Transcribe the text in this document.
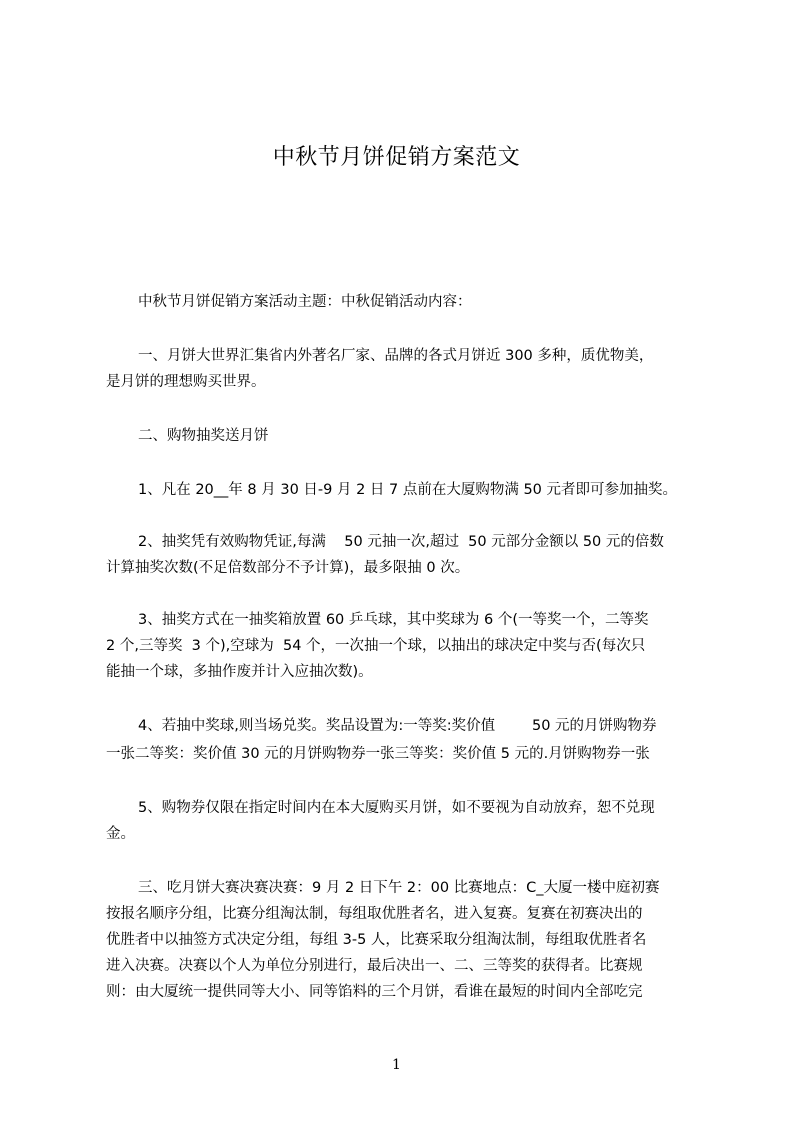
中秋节月饼促销方案范文
中秋节月饼促销方案活动主题：中秋促销活动内容：
一、月饼大世界汇集省内外著名厂家、品牌的各式月饼近 300 多种，质优物美，
是月饼的理想购买世界。
二、购物抽奖送月饼
1、凡在 20__年 8 月 30 日-9 月 2 日 7 点前在大厦购物满 50 元者即可参加抽奖。
2、抽奖凭有效购物凭证,每满    50 元抽一次,超过  50 元部分金额以 50 元的倍数
计算抽奖次数(不足倍数部分不予计算)，最多限抽 0 次。
3、抽奖方式在一抽奖箱放置 60 乒乓球，其中奖球为 6 个(一等奖一个，二等奖
2 个,三等奖  3 个),空球为  54 个，一次抽一个球，以抽出的球决定中奖与否(每次只
能抽一个球，多抽作废并计入应抽次数)。
4、若抽中奖球,则当场兑奖。奖品设置为:一等奖:奖价值        50 元的月饼购物券
一张二等奖：奖价值 30 元的月饼购物券一张三等奖：奖价值 5 元的.月饼购物券一张
5、购物券仅限在指定时间内在本大厦购买月饼，如不要视为自动放弃，恕不兑现
金。
三、吃月饼大赛决赛决赛：9 月 2 日下午 2：00 比赛地点：C_大厦一楼中庭初赛
按报名顺序分组，比赛分组淘汰制，每组取优胜者名，进入复赛。复赛在初赛决出的
优胜者中以抽签方式决定分组，每组 3-5 人，比赛采取分组淘汰制，每组取优胜者名
进入决赛。决赛以个人为单位分别进行，最后决出一、二、三等奖的获得者。比赛规
则：由大厦统一提供同等大小、同等馅料的三个月饼，看谁在最短的时间内全部吃完
1
